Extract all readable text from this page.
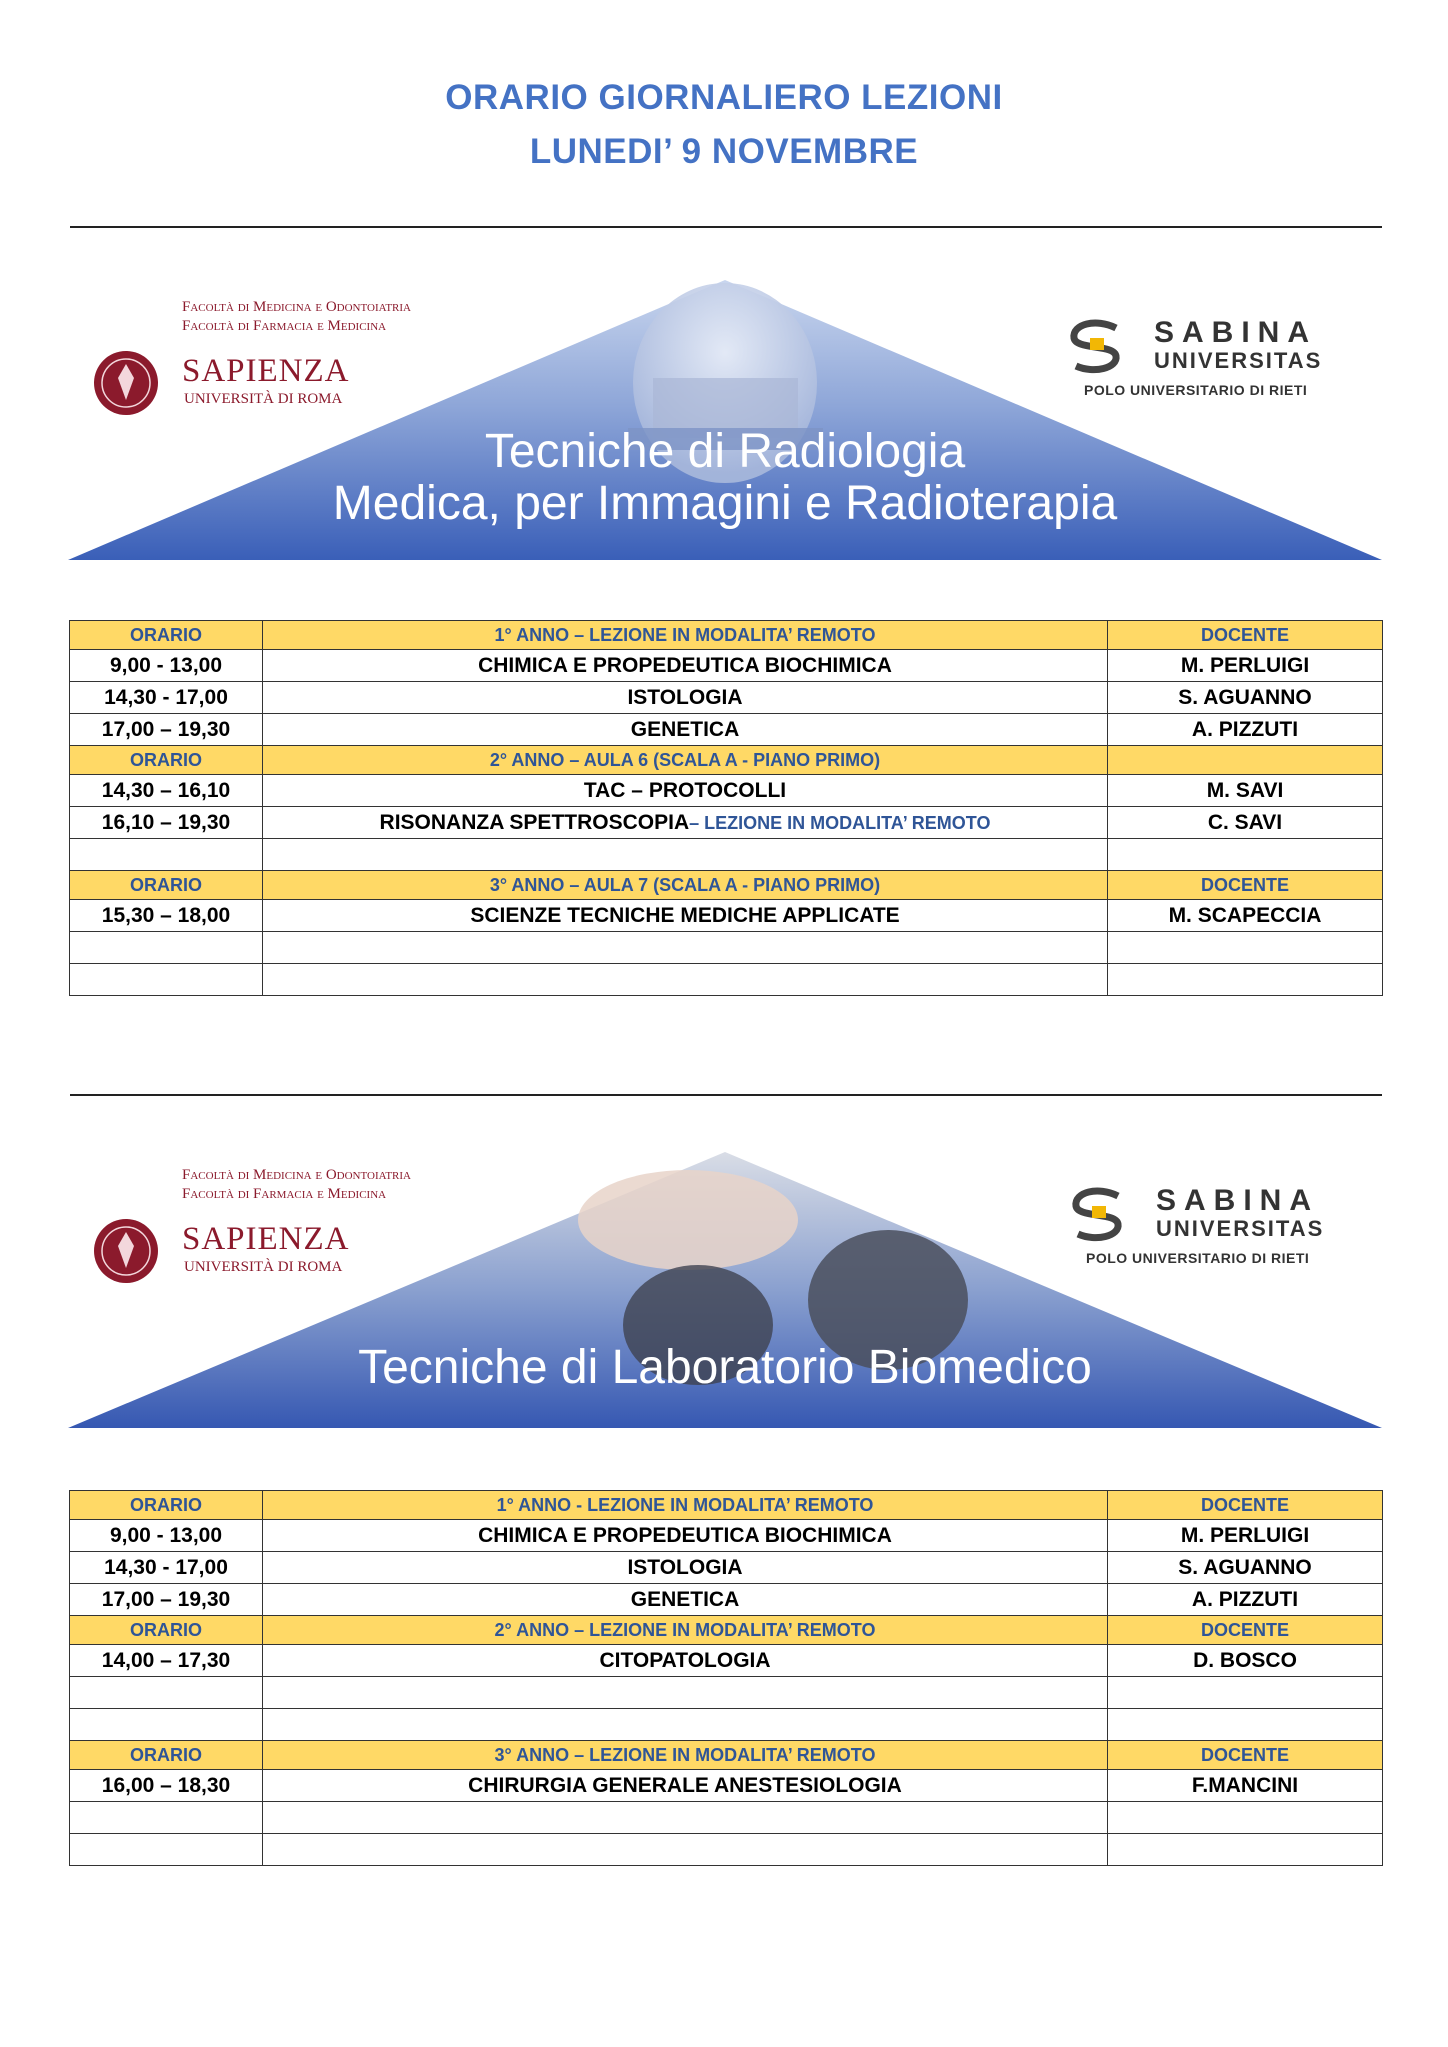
ORARIO GIORNALIERO LEZIONI
LUNEDI’ 9 NOVEMBRE
Facoltà di Medicina e Odontoiatria
Facoltà di Farmacia e Medicina
SAPIENZA
UNIVERSITÀ DI ROMA
SABINA
UNIVERSITAS
POLO UNIVERSITARIO DI RIETI
Tecniche di Radiologia
Medica, per Immagini e Radioterapia
ORARIO	1° ANNO – LEZIONE IN MODALITA’ REMOTO	DOCENTE
9,00 - 13,00	CHIMICA E PROPEDEUTICA BIOCHIMICA	M. PERLUIGI
14,30 - 17,00	ISTOLOGIA	S. AGUANNO
17,00 – 19,30	GENETICA	A. PIZZUTI
ORARIO	2° ANNO – AULA 6 (SCALA A - PIANO PRIMO)	
14,30 – 16,10	TAC – PROTOCOLLI	M. SAVI
16,10 – 19,30	RISONANZA SPETTROSCOPIA– LEZIONE IN MODALITA’ REMOTO	C. SAVI

ORARIO	3° ANNO – AULA 7 (SCALA A - PIANO PRIMO)	DOCENTE
15,30 – 18,00	SCIENZE TECNICHE MEDICHE APPLICATE	M. SCAPECCIA

Facoltà di Medicina e Odontoiatria
Facoltà di Farmacia e Medicina
SAPIENZA
UNIVERSITÀ DI ROMA
SABINA
UNIVERSITAS
POLO UNIVERSITARIO DI RIETI
Tecniche di Laboratorio Biomedico
ORARIO	1° ANNO - LEZIONE IN MODALITA’ REMOTO	DOCENTE
9,00 - 13,00	CHIMICA E PROPEDEUTICA BIOCHIMICA	M. PERLUIGI
14,30 - 17,00	ISTOLOGIA	S. AGUANNO
17,00 – 19,30	GENETICA	A. PIZZUTI
ORARIO	2° ANNO – LEZIONE IN MODALITA’ REMOTO	DOCENTE
14,00 – 17,30	CITOPATOLOGIA	D. BOSCO

ORARIO	3° ANNO – LEZIONE IN MODALITA’ REMOTO	DOCENTE
16,00 – 18,30	CHIRURGIA GENERALE ANESTESIOLOGIA	F.MANCINI
